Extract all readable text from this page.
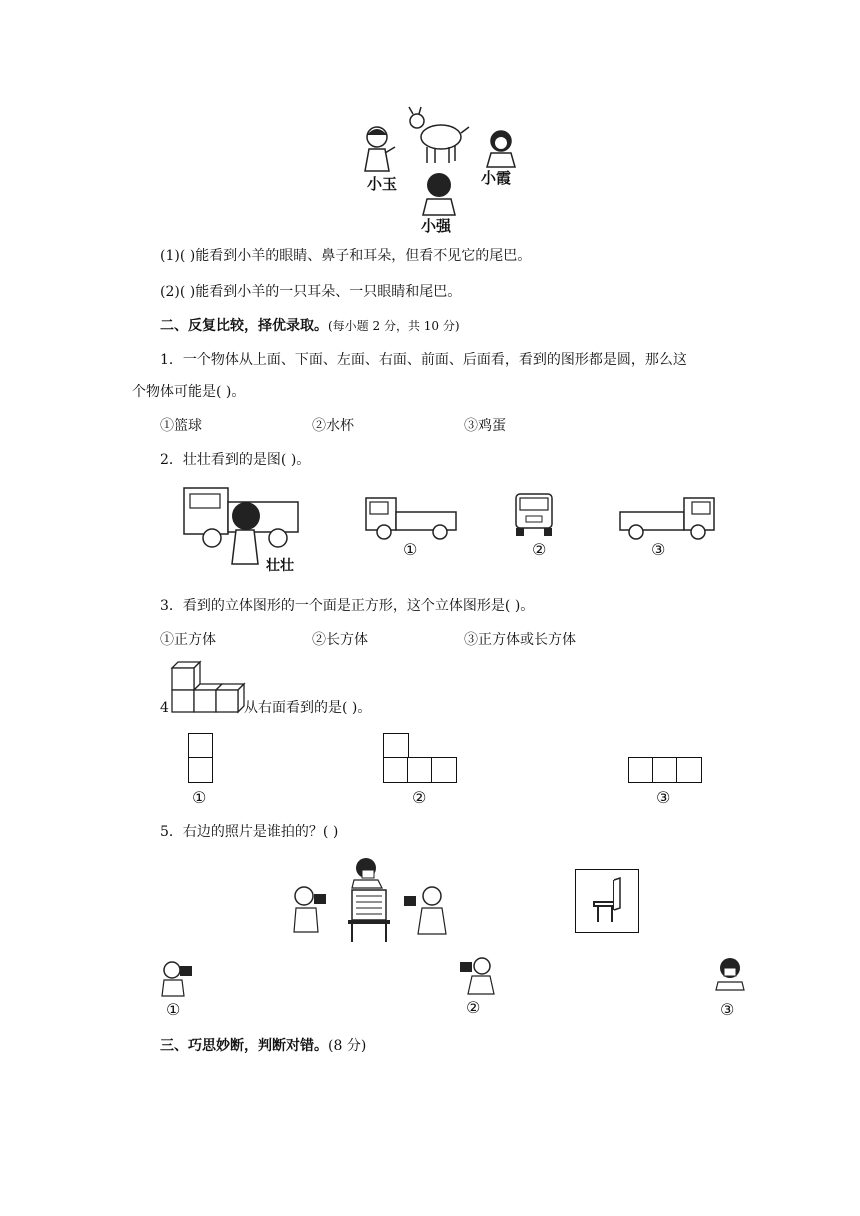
小玉	小霞
小强
(1)( )能看到小羊的眼睛、鼻子和耳朵，但看不见它的尾巴。
(2)( )能看到小羊的一只耳朵、一只眼睛和尾巴。
二、反复比较，择优录取。(每小题 2 分，共 10 分)
1．一个物体从上面、下面、左面、右面、前面、后面看，看到的图形都是圆，那么这
个物体可能是( )。
①篮球	②水杯	③鸡蛋
2．壮壮看到的是图( )。
壮壮
①	②	③
3．看到的立体图形的一个面是正方形，这个立体图形是( )。
①正方体	②长方体	③正方体或长方体
4	从右面看到的是( )。
①	②	③
5．右边的照片是谁拍的？( )
①	②	③
三、巧思妙断，判断对错。(8 分)
